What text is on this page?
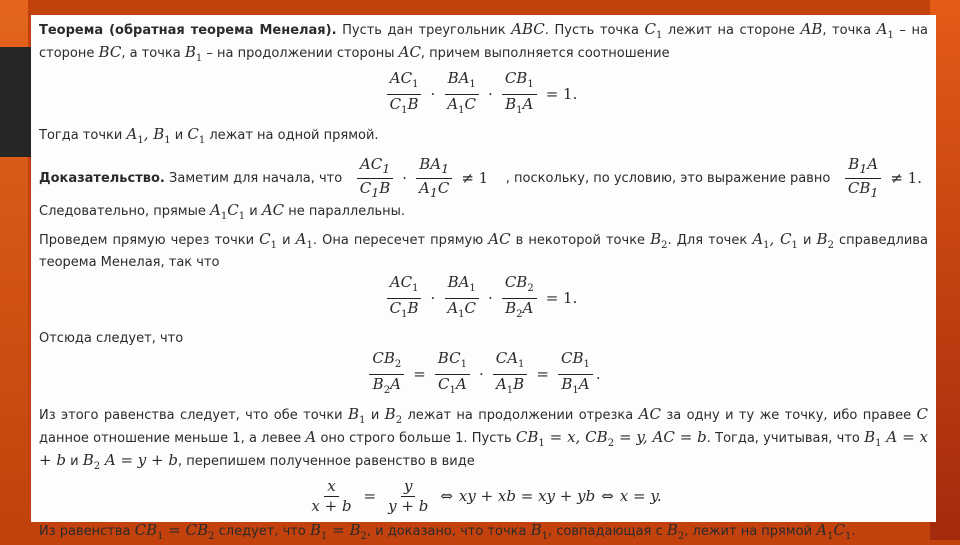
Теорема (обратная теорема Менелая). Пусть дан треугольник ABC. Пусть точка $C_1$ лежит на стороне AB, точка $A_1$ – на стороне BC, а точка $B_1$ – на продолжении стороны AC, причем выполняется соотношение

$\frac{AC_1}{C_1B} \cdot \frac{BA_1}{A_1C} \cdot \frac{CB_1}{B_1A} = 1$.

Тогда точки $A_1$, $B_1$ и $C_1$ лежат на одной прямой.

Доказательство. Заметим для начала, что $\frac{AC_1}{C_1B} \cdot \frac{BA_1}{A_1C} \ne 1$ , поскольку, по условию, это выражение равно $\frac{B_1A}{CB_1} \ne 1$.

Следовательно, прямые $A_1C_1$ и AC не параллельны.

Проведем прямую через точки $C_1$ и $A_1$. Она пересечет прямую AC в некоторой точке $B_2$. Для точек $A_1$, $C_1$ и $B_2$ справедлива теорема Менелая, так что

$\frac{AC_1}{C_1B} \cdot \frac{BA_1}{A_1C} \cdot \frac{CB_2}{B_2A} = 1$.

Отсюда следует, что

$\frac{CB_2}{B_2A} = \frac{BC_1}{C_1A} \cdot \frac{CA_1}{A_1B} = \frac{CB_1}{B_1A}$ .

Из этого равенства следует, что обе точки $B_1$ и $B_2$ лежат на продолжении отрезка AC за одну и ту же точку, ибо правее C данное отношение меньше 1, а левее A оно строго больше 1. Пусть $CB_1 = x$, $CB_2 = y$, AC = b. Тогда, учитывая, что $B_1$ A = x + b и $B_2$ A = y + b, перепишем полученное равенство в виде

$\frac{x}{x + b} = \frac{y}{y + b}$ ⇔ xy + xb = xy + yb ⇔ x = y.

Из равенства $CB_1 = CB_2$ следует, что $B_1 = B_2$, и доказано, что точка $B_1$, совпадающая с $B_2$, лежит на прямой $A_1C_1$.
